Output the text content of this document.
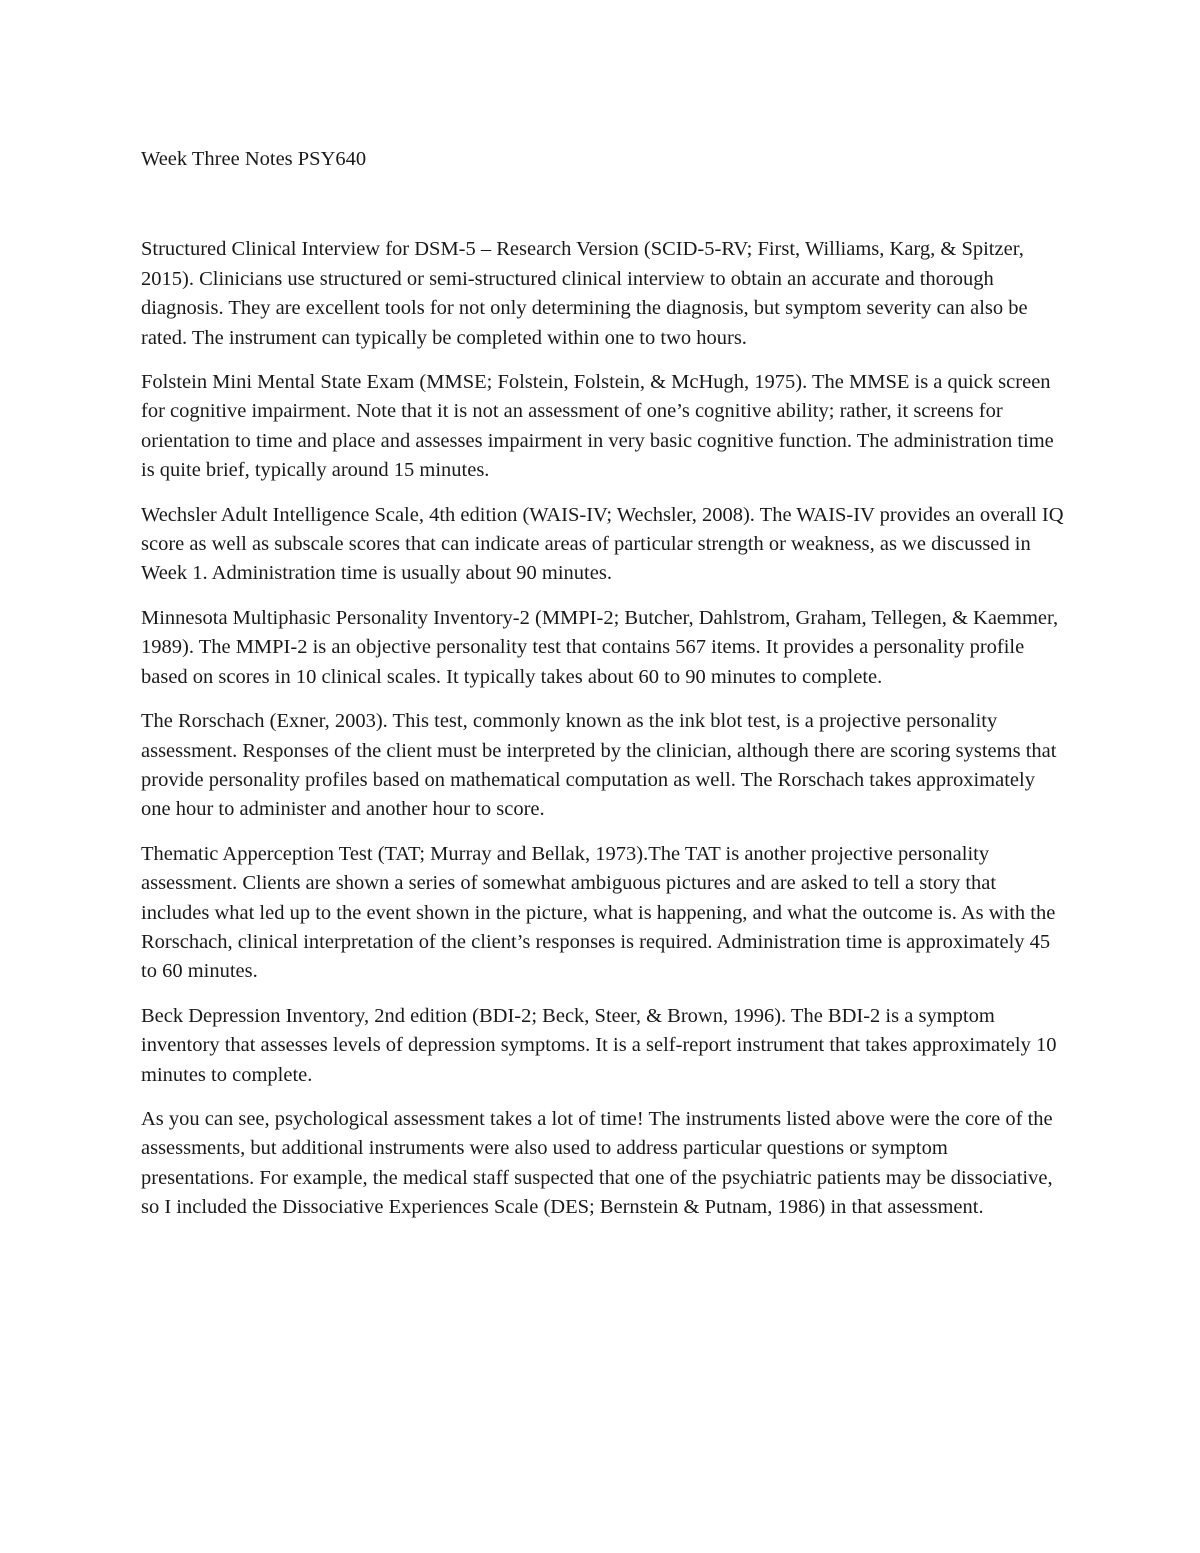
Week Three Notes PSY640

Structured Clinical Interview for DSM-5 – Research Version (SCID-5-RV; First, Williams, Karg, & Spitzer, 2015). Clinicians use structured or semi-structured clinical interview to obtain an accurate and thorough diagnosis. They are excellent tools for not only determining the diagnosis, but symptom severity can also be rated. The instrument can typically be completed within one to two hours.

Folstein Mini Mental State Exam (MMSE; Folstein, Folstein, & McHugh, 1975). The MMSE is a quick screen for cognitive impairment. Note that it is not an assessment of one’s cognitive ability; rather, it screens for orientation to time and place and assesses impairment in very basic cognitive function. The administration time is quite brief, typically around 15 minutes.

Wechsler Adult Intelligence Scale, 4th edition (WAIS-IV; Wechsler, 2008). The WAIS-IV provides an overall IQ score as well as subscale scores that can indicate areas of particular strength or weakness, as we discussed in Week 1. Administration time is usually about 90 minutes.

Minnesota Multiphasic Personality Inventory-2 (MMPI-2; Butcher, Dahlstrom, Graham, Tellegen, & Kaemmer, 1989). The MMPI-2 is an objective personality test that contains 567 items. It provides a personality profile based on scores in 10 clinical scales. It typically takes about 60 to 90 minutes to complete.

The Rorschach (Exner, 2003). This test, commonly known as the ink blot test, is a projective personality assessment. Responses of the client must be interpreted by the clinician, although there are scoring systems that provide personality profiles based on mathematical computation as well. The Rorschach takes approximately one hour to administer and another hour to score.

Thematic Apperception Test (TAT; Murray and Bellak, 1973).The TAT is another projective personality assessment. Clients are shown a series of somewhat ambiguous pictures and are asked to tell a story that includes what led up to the event shown in the picture, what is happening, and what the outcome is. As with the Rorschach, clinical interpretation of the client’s responses is required. Administration time is approximately 45 to 60 minutes.

Beck Depression Inventory, 2nd edition (BDI-2; Beck, Steer, & Brown, 1996). The BDI-2 is a symptom inventory that assesses levels of depression symptoms. It is a self-report instrument that takes approximately 10 minutes to complete.

As you can see, psychological assessment takes a lot of time! The instruments listed above were the core of the assessments, but additional instruments were also used to address particular questions or symptom presentations. For example, the medical staff suspected that one of the psychiatric patients may be dissociative, so I included the Dissociative Experiences Scale (DES; Bernstein & Putnam, 1986) in that assessment.
